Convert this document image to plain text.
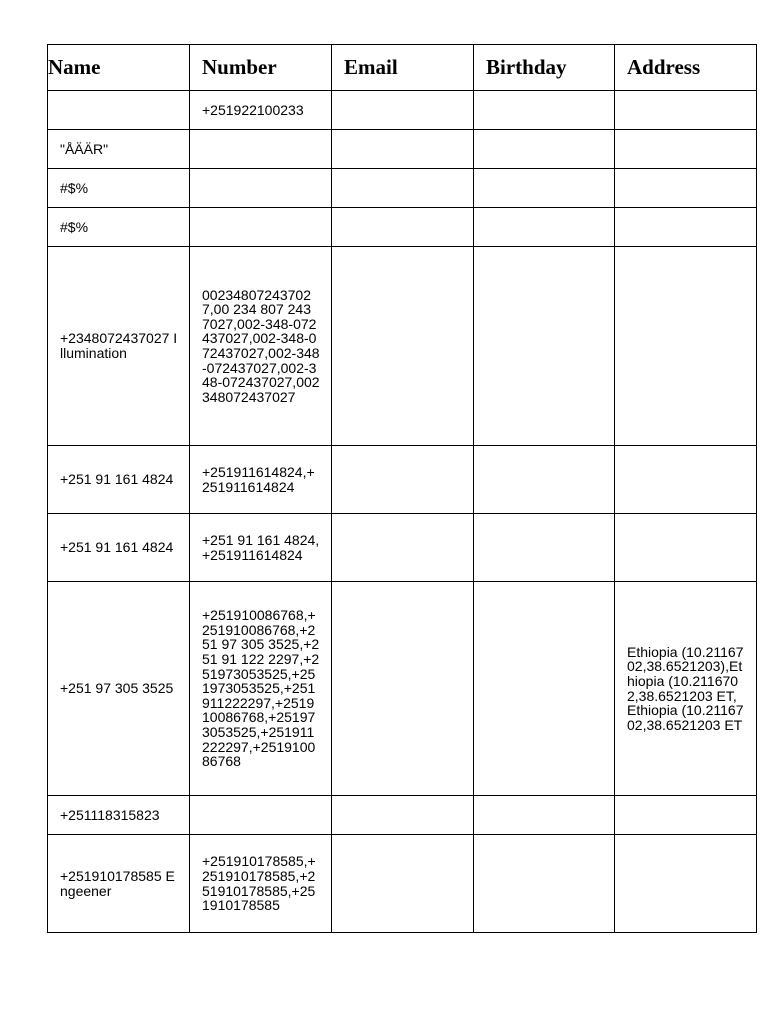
Name	Number	Email	Birthday	Address
	+251922100233			
"ÅÄÄR"				
#$%				
#$%				
+2348072437027 Illumination	002348072437027,00 234 807 243 7027,002-348-072437027,002-348-072437027,002-348-072437027,002-348-072437027,002348072437027			
+251 91 161 4824	+251911614824,+251911614824			
+251 91 161 4824	+251 91 161 4824,+251911614824			
+251 97 305 3525	+251910086768,+251910086768,+251 97 305 3525,+251 91 122 2297,+251973053525,+251973053525,+251911222297,+251910086768,+251973053525,+251911222297,+251910086768			Ethiopia (10.2116702,38.6521203),Ethiopia (10.2116702,38.6521203 ET,Ethiopia (10.2116702,38.6521203 ET
+251118315823				
+251910178585 Engeener	+251910178585,+251910178585,+251910178585,+251910178585			
